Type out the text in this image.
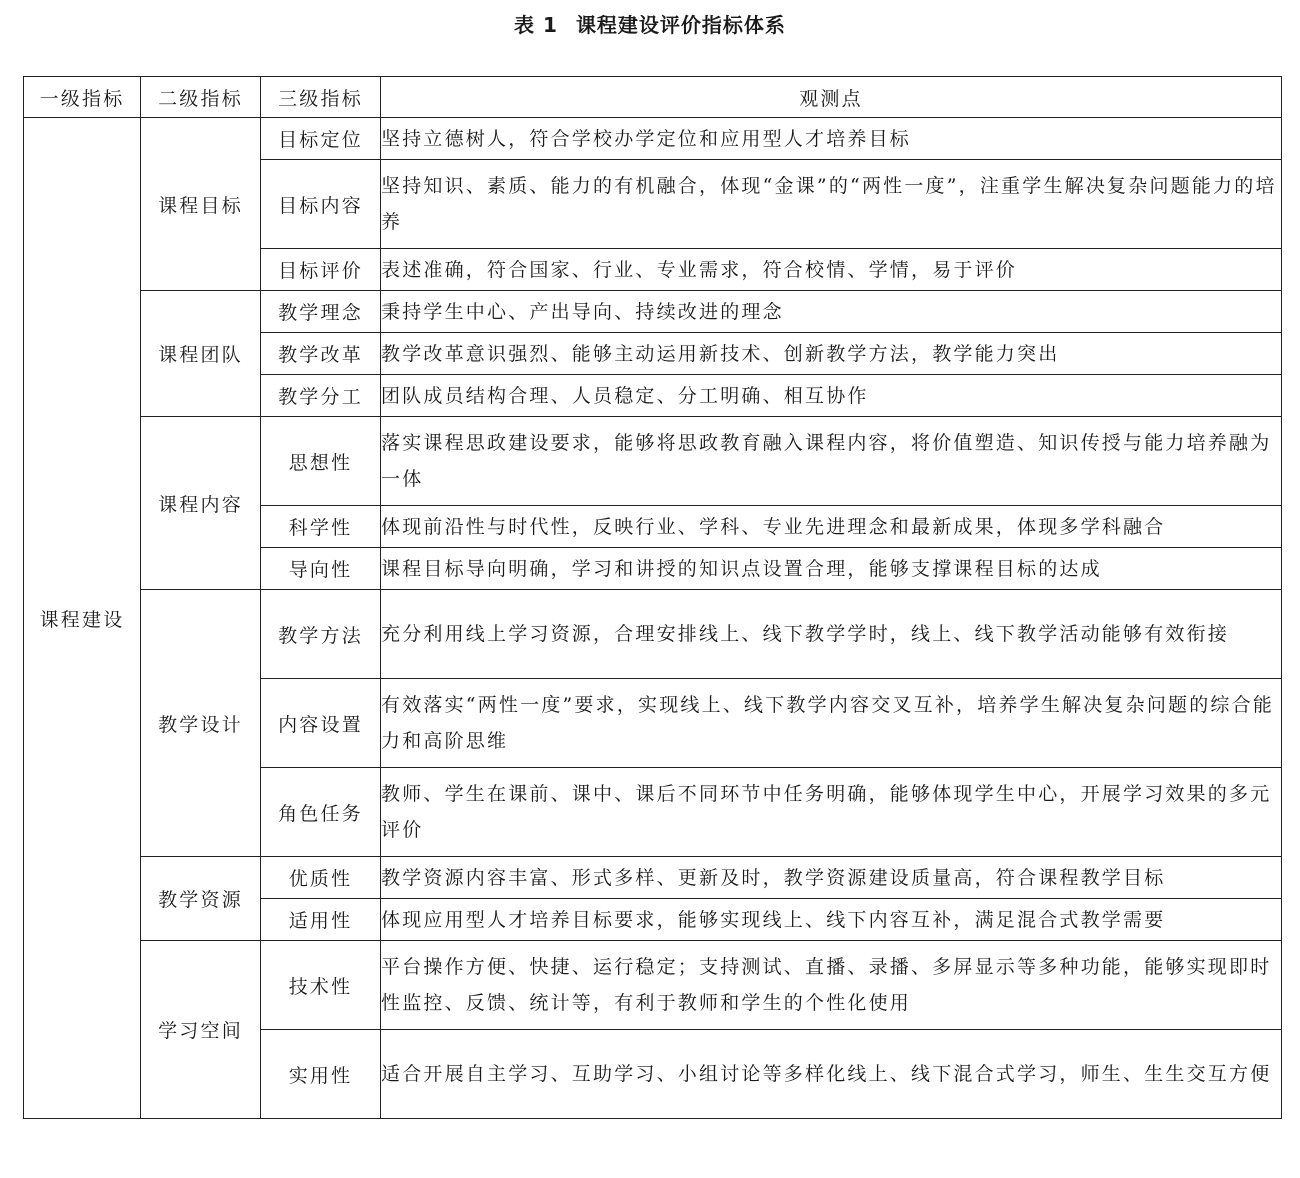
表 1 课程建设评价指标体系
一级指标	二级指标	三级指标	观测点
课程建设	课程目标	目标定位	坚持立德树人，符合学校办学定位和应用型人才培养目标
		目标内容	坚持知识、素质、能力的有机融合，体现“金课”的“两性一度”，注重学生解决复杂问题能力的培养
		目标评价	表述准确，符合国家、行业、专业需求，符合校情、学情，易于评价
	课程团队	教学理念	秉持学生中心、产出导向、持续改进的理念
		教学改革	教学改革意识强烈、能够主动运用新技术、创新教学方法，教学能力突出
		教学分工	团队成员结构合理、人员稳定、分工明确、相互协作
	课程内容	思想性	落实课程思政建设要求，能够将思政教育融入课程内容，将价值塑造、知识传授与能力培养融为一体
		科学性	体现前沿性与时代性，反映行业、学科、专业先进理念和最新成果，体现多学科融合
		导向性	课程目标导向明确，学习和讲授的知识点设置合理，能够支撑课程目标的达成
	教学设计	教学方法	充分利用线上学习资源，合理安排线上、线下教学学时，线上、线下教学活动能够有效衔接
		内容设置	有效落实“两性一度”要求，实现线上、线下教学内容交叉互补，培养学生解决复杂问题的综合能力和高阶思维
		角色任务	教师、学生在课前、课中、课后不同环节中任务明确，能够体现学生中心，开展学习效果的多元评价
	教学资源	优质性	教学资源内容丰富、形式多样、更新及时，教学资源建设质量高，符合课程教学目标
		适用性	体现应用型人才培养目标要求，能够实现线上、线下内容互补，满足混合式教学需要
	学习空间	技术性	平台操作方便、快捷、运行稳定；支持测试、直播、录播、多屏显示等多种功能，能够实现即时性监控、反馈、统计等，有利于教师和学生的个性化使用
		实用性	适合开展自主学习、互助学习、小组讨论等多样化线上、线下混合式学习，师生、生生交互方便
